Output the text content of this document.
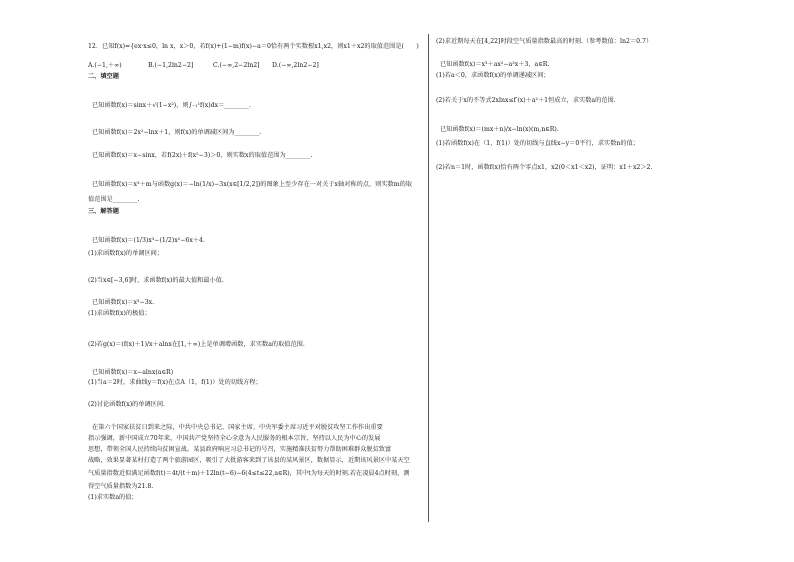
12．已知f(x)={ex·x≤0，ln x，x＞0，若f(x)+(1−m)f(x)−a＝0恰有两个实数根x1,x2，则x1＋x2的取值范围是(　　)
A.(−1,＋∞)	B.(−1,2ln2−2]	C.(−∞,2−2ln2] D.(−∞,2ln2−2]
二、填空题
已知函数f(x)＝sinx＋√(1−x²)，则∫₋₁¹f(x)dx＝________.
已知函数f(x)＝2x²−lnx＋1，则f(x)的单调减区间为________.
已知函数f(x)＝x−sinx，若f(2x)＋f(x²−3)＞0，则实数x的取值范围为________.
已知函数f(x)＝x³＋m与函数g(x)＝−ln(1/x)−3x(x∈[1/2,2])的图象上至少存在一对关于x轴对称的点，则实数m的取
值范围是________.
三、解答题
已知函数f(x)＝(1/3)x³−(1/2)x²−6x＋4.
(1)求函数f(x)的单调区间；
(2)当x∈[−3,6]时，求函数f(x)的最大值和最小值.
已知函数f(x)＝x³−3x.
(1)求函数f(x)的极值；
(2)若g(x)＝(f(x)＋1)/x＋alnx在[1,＋∞)上是单调增函数，求实数a的取值范围.
已知函数f(x)＝x−alnx(a∈R)
(1)当a＝2时，求曲线y＝f(x)在点A（1，f(1)）处的切线方程；
(2)讨论函数f(x)的单调区间.
在第六个国家扶贫日到来之际，中共中央总书记、国家主席、中央军委主席习近平对脱贫攻坚工作作出重要
指示强调，新中国成立70年来，中国共产党坚持全心全意为人民服务的根本宗旨，坚持以人民为中心的发展
思想，带领全国人民持续向贫困宣战。某县政府响应习总书记的号召，实施精准扶贫努力帮助困难群众脱贫致富
战略，效果显著某村打造了两个旅游园区，吸引了大批游客来到了该县的某风景区，数据显示，近期该风景区中某天空
气质量指数近似满足函数f(t)＝4t/(t＋m)＋12ln(t−6)−6(4≤t≤22,a∈R)，其中t为每天的时刻.若在凌晨4点时刻，测
得空气质量指数为21.8.
(1)求实数a的值；
(2)求近期每天在[4,22]时段空气质量指数最高的时刻.（参考数值：ln2＝0.7）
已知函数f(x)＝x³＋ax²−a²x＋3，a∈R.
(1)若a＜0，求函数f(x)的单调递减区间；
(2)若关于x的不等式2xlnx≤f′(x)＋a²＋1恒成立，求实数a的范围.
已知函数f(x)＝(mx＋n)/x−ln(x)(m,n∈R).
(1)若函数f(x)在（1，f(1)）处的切线与直线x−y＝0平行，求实数n的值；
(2)若n＝1时，函数f(x)恰有两个零点x1，x2(0＜x1＜x2)，证明：x1＋x2＞2.
